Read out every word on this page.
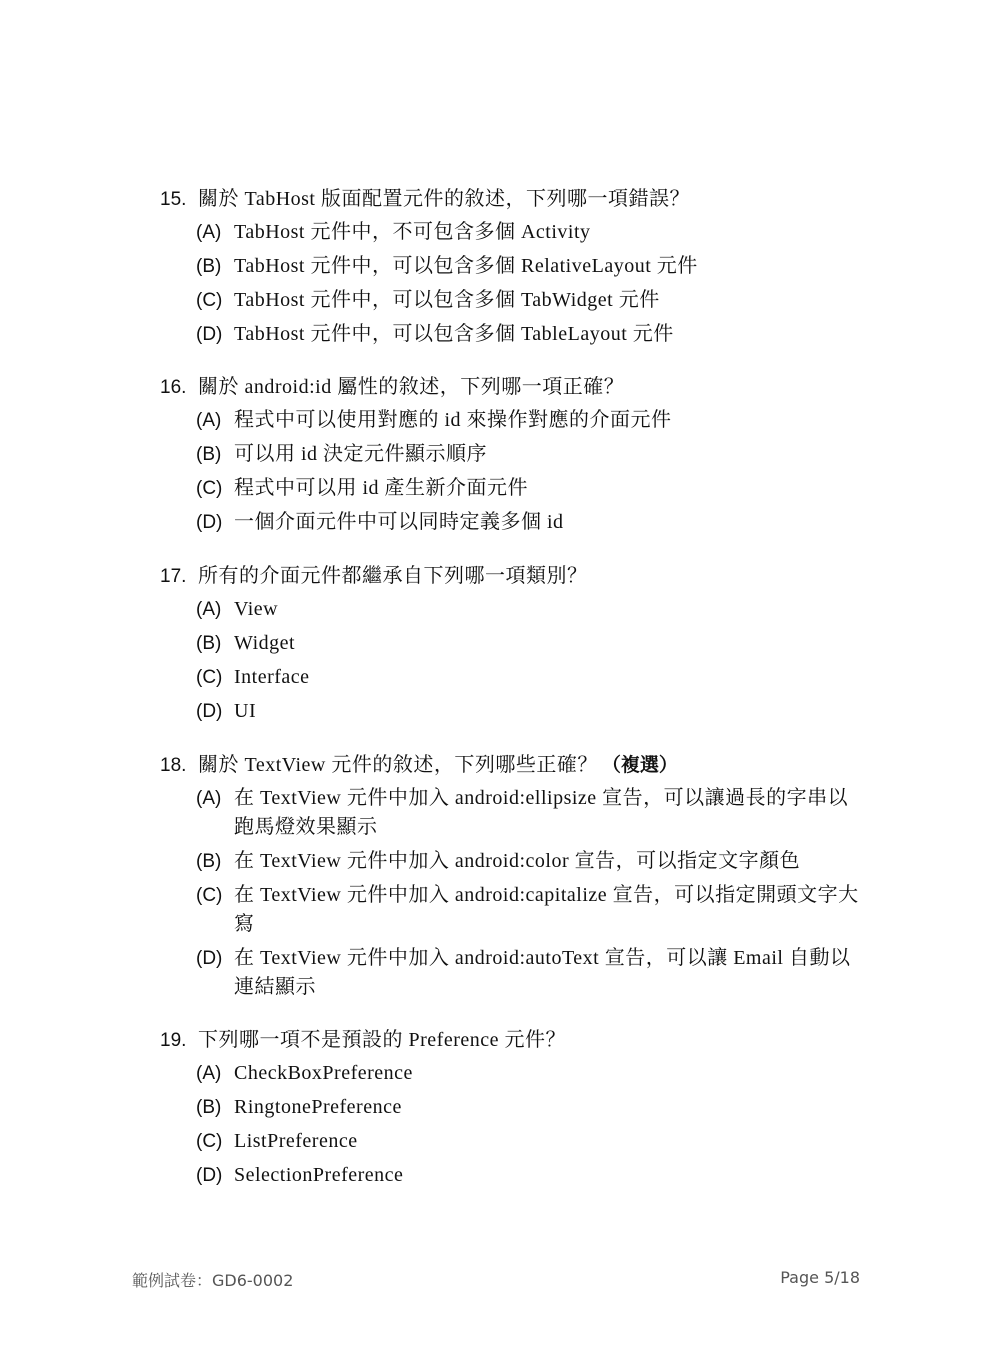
15. 關於 TabHost 版面配置元件的敘述，下列哪一項錯誤？
(A) TabHost 元件中，不可包含多個 Activity
(B) TabHost 元件中，可以包含多個 RelativeLayout 元件
(C) TabHost 元件中，可以包含多個 TabWidget 元件
(D) TabHost 元件中，可以包含多個 TableLayout 元件
16. 關於 android:id 屬性的敘述，下列哪一項正確？
(A) 程式中可以使用對應的 id 來操作對應的介面元件
(B) 可以用 id 決定元件顯示順序
(C) 程式中可以用 id 產生新介面元件
(D) 一個介面元件中可以同時定義多個 id
17. 所有的介面元件都繼承自下列哪一項類別？
(A) View
(B) Widget
(C) Interface
(D) UI
18. 關於 TextView 元件的敘述，下列哪些正確？ （複選）
(A) 在 TextView 元件中加入 android:ellipsize 宣告，可以讓過長的字串以跑馬燈效果顯示
(B) 在 TextView 元件中加入 android:color 宣告，可以指定文字顏色
(C) 在 TextView 元件中加入 android:capitalize 宣告，可以指定開頭文字大寫
(D) 在 TextView 元件中加入 android:autoText 宣告，可以讓 Email 自動以連結顯示
19. 下列哪一項不是預設的 Preference 元件？
(A) CheckBoxPreference
(B) RingtonePreference
(C) ListPreference
(D) SelectionPreference
範例試卷：GD6-0002	Page 5/18
